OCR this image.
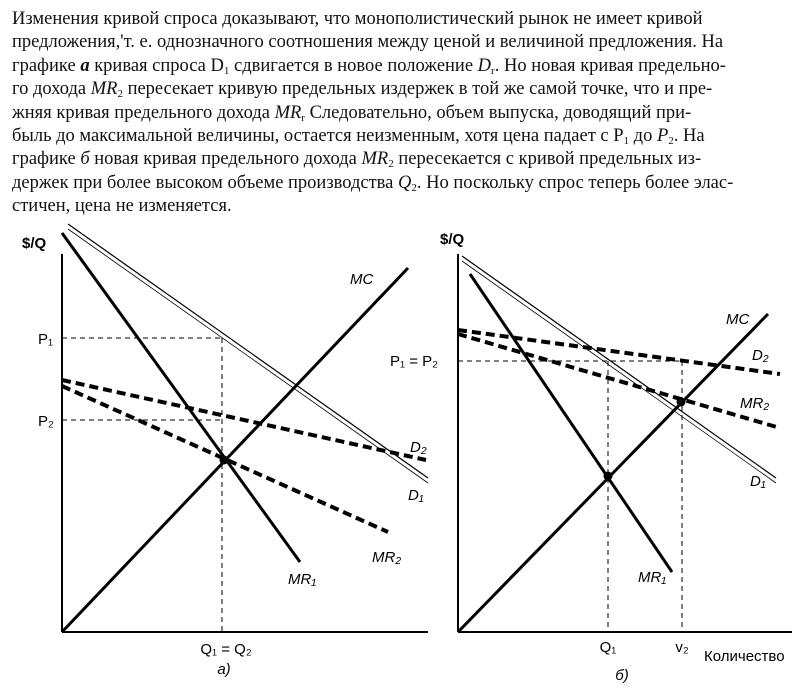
Изменения кривой спроса доказывают, что монополистический рынок не имеет кривой
предложения,'т. е. однозначного соотношения между ценой и величиной предложения. На
графике а кривая спроса $D_1$ сдвигается в новое положение $D_r$. Но новая кривая предельно-
го дохода $MR_2$ пересекает кривую предельных издержек в той же самой точке, что и пре-
жняя кривая предельного дохода $MR_r$ Следовательно, объем выпуска, доводящий при-
быль до максимальной величины, остается неизменным, хотя цена падает с $Р_1$ до $P_2$. На
графике б новая кривая предельного дохода $MR_2$ пересекается с кривой предельных из-
держек при более высоком объеме производства $Q_2$. Но поскольку спрос теперь более элас-
стичен, цена не изменяется.
$/Q
P₁
P₂
MC
D₂
D₁
MR₂
MR₁
Q₁ = Q₂
а)
$/Q
P₁ = P₂
MC
D₂
MR₂
D₁
MR₁
Q₁	v₂
Количество
б)
